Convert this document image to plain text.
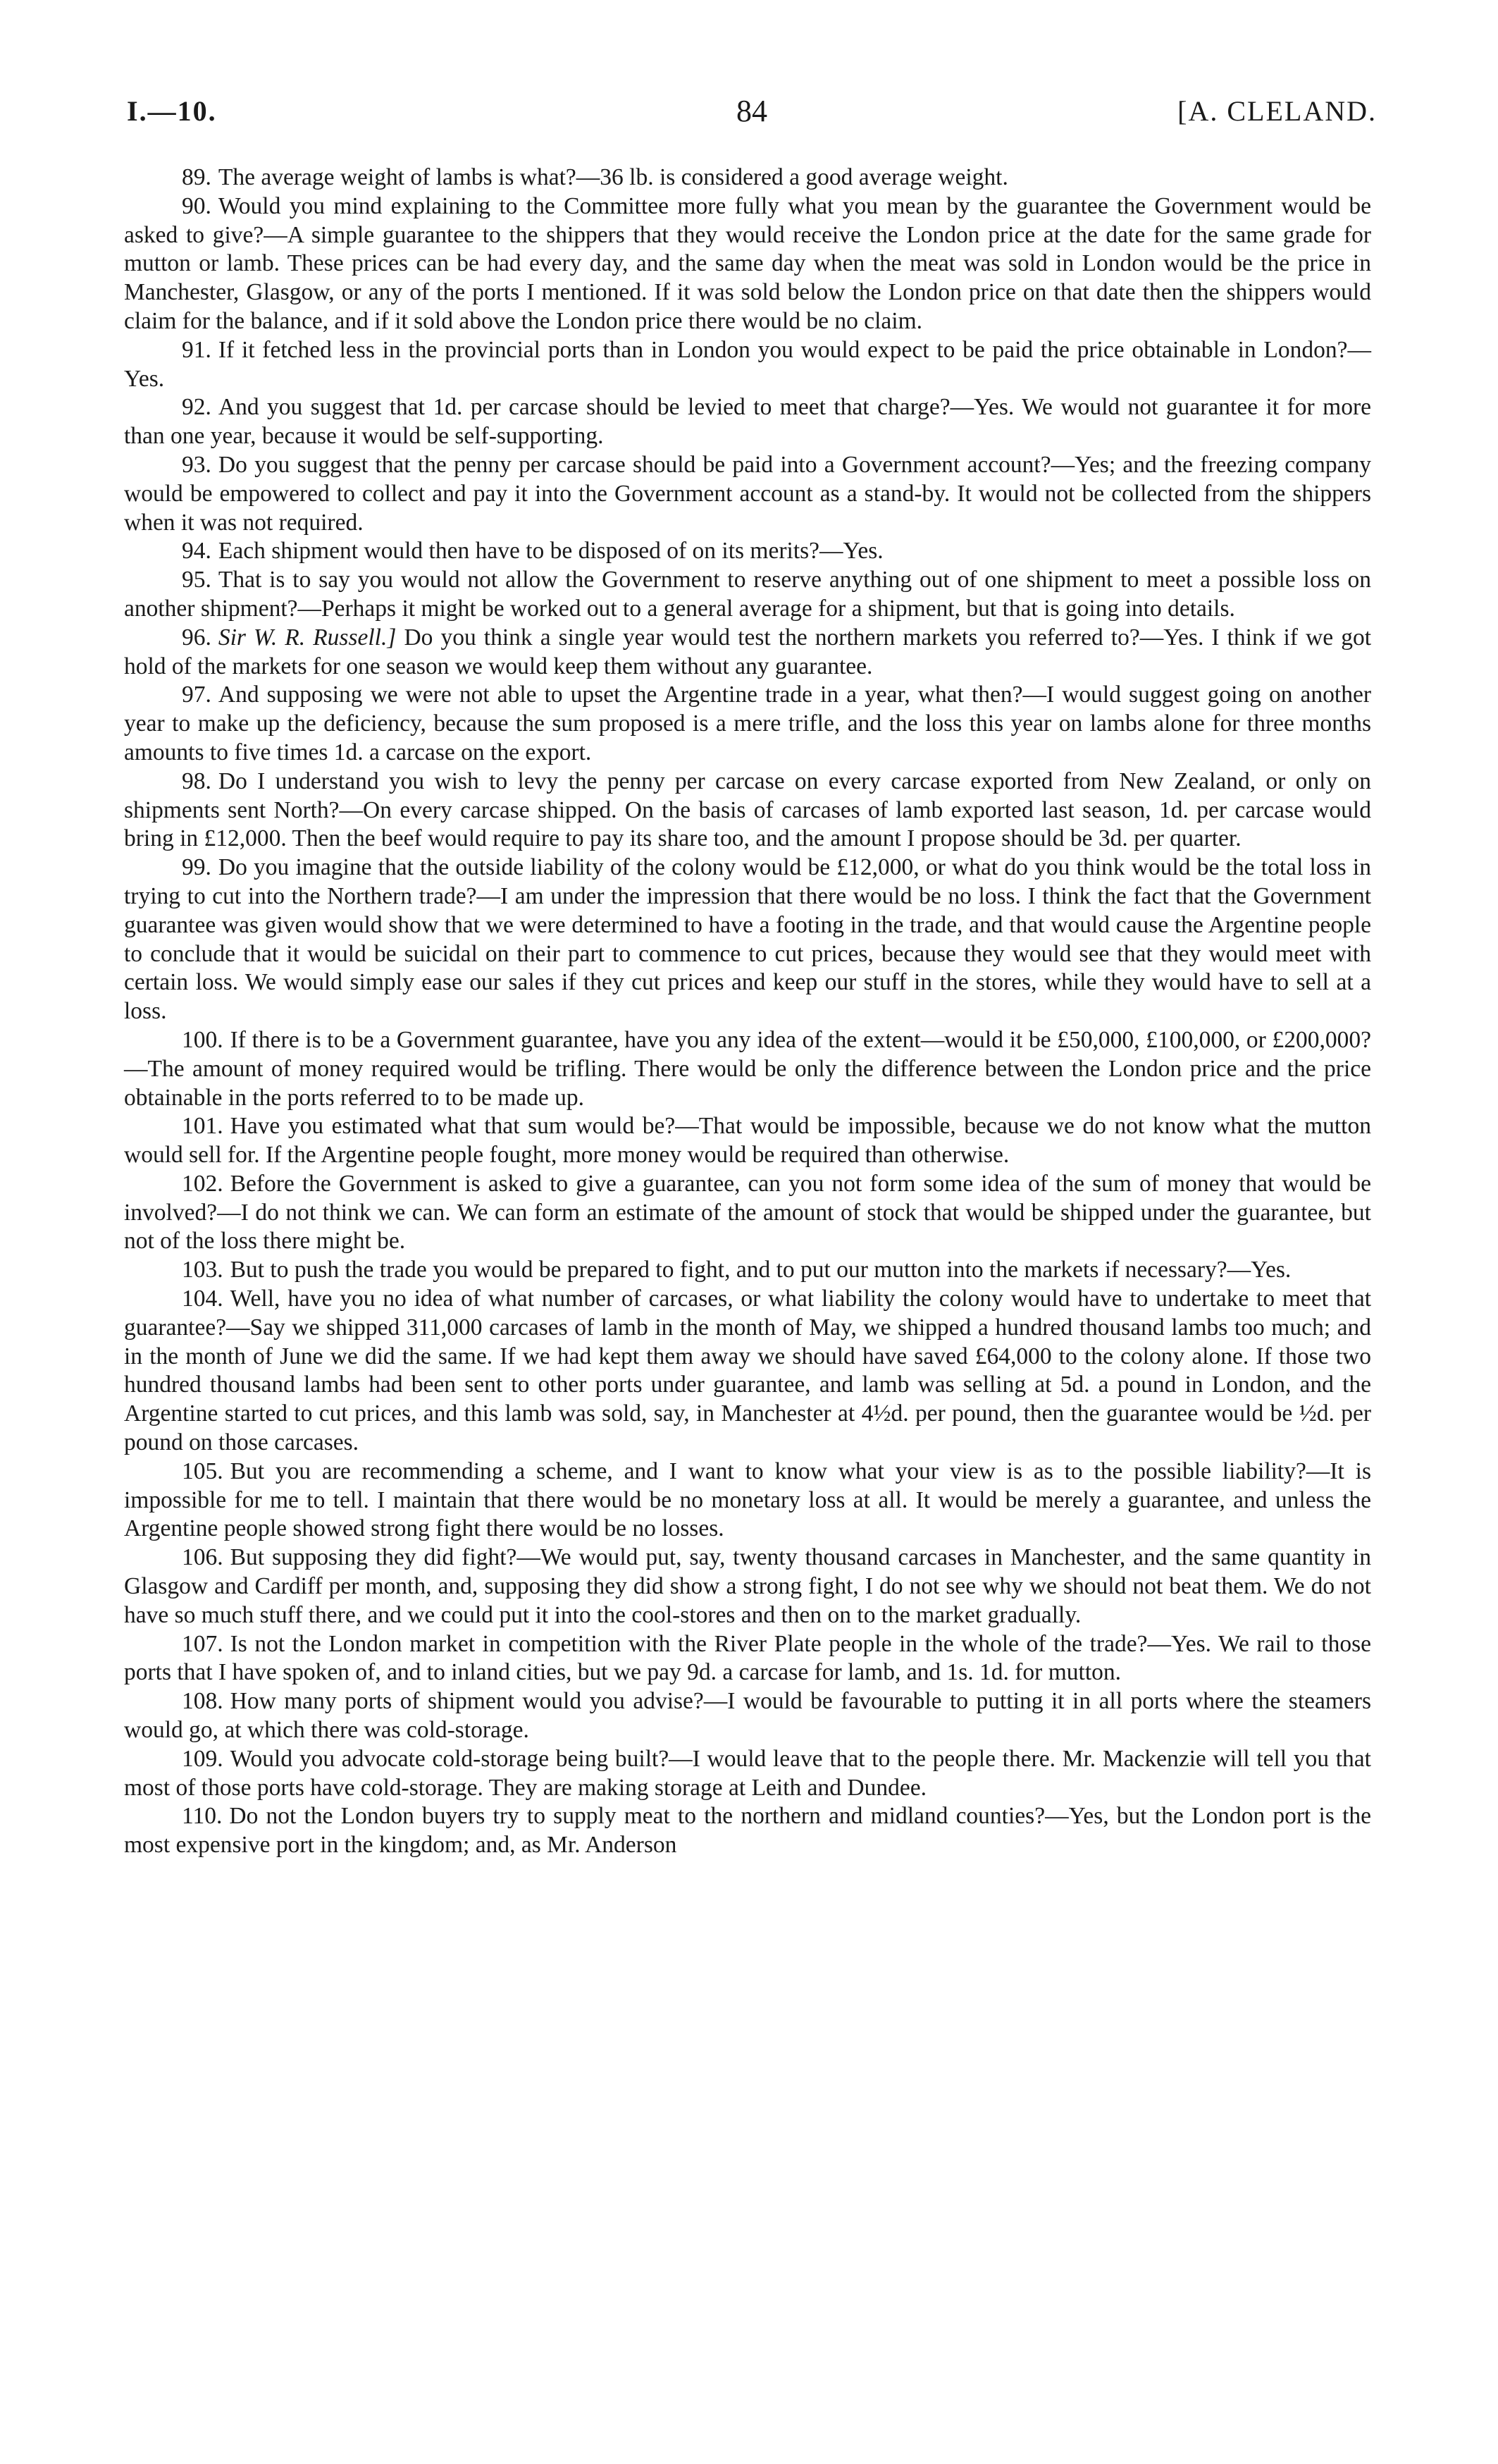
I.—10.	84	[A. CLELAND.

89. The average weight of lambs is what?—36 lb. is considered a good average weight.

90. Would you mind explaining to the Committee more fully what you mean by the guarantee the Government would be asked to give?—A simple guarantee to the shippers that they would receive the London price at the date for the same grade for mutton or lamb. These prices can be had every day, and the same day when the meat was sold in London would be the price in Manchester, Glasgow, or any of the ports I mentioned. If it was sold below the London price on that date then the shippers would claim for the balance, and if it sold above the London price there would be no claim.

91. If it fetched less in the provincial ports than in London you would expect to be paid the price obtainable in London?—Yes.

92. And you suggest that 1d. per carcase should be levied to meet that charge?—Yes. We would not guarantee it for more than one year, because it would be self-supporting.

93. Do you suggest that the penny per carcase should be paid into a Government account?—Yes; and the freezing company would be empowered to collect and pay it into the Government account as a stand-by. It would not be collected from the shippers when it was not required.

94. Each shipment would then have to be disposed of on its merits?—Yes.

95. That is to say you would not allow the Government to reserve anything out of one shipment to meet a possible loss on another shipment?—Perhaps it might be worked out to a general average for a shipment, but that is going into details.

96. Sir W. R. Russell.] Do you think a single year would test the northern markets you referred to?—Yes. I think if we got hold of the markets for one season we would keep them without any guarantee.

97. And supposing we were not able to upset the Argentine trade in a year, what then?—I would suggest going on another year to make up the deficiency, because the sum proposed is a mere trifle, and the loss this year on lambs alone for three months amounts to five times 1d. a carcase on the export.

98. Do I understand you wish to levy the penny per carcase on every carcase exported from New Zealand, or only on shipments sent North?—On every carcase shipped. On the basis of carcases of lamb exported last season, 1d. per carcase would bring in £12,000. Then the beef would require to pay its share too, and the amount I propose should be 3d. per quarter.

99. Do you imagine that the outside liability of the colony would be £12,000, or what do you think would be the total loss in trying to cut into the Northern trade?—I am under the impression that there would be no loss. I think the fact that the Government guarantee was given would show that we were determined to have a footing in the trade, and that would cause the Argentine people to conclude that it would be suicidal on their part to commence to cut prices, because they would see that they would meet with certain loss. We would simply ease our sales if they cut prices and keep our stuff in the stores, while they would have to sell at a loss.

100. If there is to be a Government guarantee, have you any idea of the extent—would it be £50,000, £100,000, or £200,000?—The amount of money required would be trifling. There would be only the difference between the London price and the price obtainable in the ports referred to to be made up.

101. Have you estimated what that sum would be?—That would be impossible, because we do not know what the mutton would sell for. If the Argentine people fought, more money would be required than otherwise.

102. Before the Government is asked to give a guarantee, can you not form some idea of the sum of money that would be involved?—I do not think we can. We can form an estimate of the amount of stock that would be shipped under the guarantee, but not of the loss there might be.

103. But to push the trade you would be prepared to fight, and to put our mutton into the markets if necessary?—Yes.

104. Well, have you no idea of what number of carcases, or what liability the colony would have to undertake to meet that guarantee?—Say we shipped 311,000 carcases of lamb in the month of May, we shipped a hundred thousand lambs too much; and in the month of June we did the same. If we had kept them away we should have saved £64,000 to the colony alone. If those two hundred thousand lambs had been sent to other ports under guarantee, and lamb was selling at 5d. a pound in London, and the Argentine started to cut prices, and this lamb was sold, say, in Manchester at 4½d. per pound, then the guarantee would be ½d. per pound on those carcases.

105. But you are recommending a scheme, and I want to know what your view is as to the possible liability?—It is impossible for me to tell. I maintain that there would be no monetary loss at all. It would be merely a guarantee, and unless the Argentine people showed strong fight there would be no losses.

106. But supposing they did fight?—We would put, say, twenty thousand carcases in Manchester, and the same quantity in Glasgow and Cardiff per month, and, supposing they did show a strong fight, I do not see why we should not beat them. We do not have so much stuff there, and we could put it into the cool-stores and then on to the market gradually.

107. Is not the London market in competition with the River Plate people in the whole of the trade?—Yes. We rail to those ports that I have spoken of, and to inland cities, but we pay 9d. a carcase for lamb, and 1s. 1d. for mutton.

108. How many ports of shipment would you advise?—I would be favourable to putting it in all ports where the steamers would go, at which there was cold-storage.

109. Would you advocate cold-storage being built?—I would leave that to the people there. Mr. Mackenzie will tell you that most of those ports have cold-storage. They are making storage at Leith and Dundee.

110. Do not the London buyers try to supply meat to the northern and midland counties?—Yes, but the London port is the most expensive port in the kingdom; and, as Mr. Anderson
